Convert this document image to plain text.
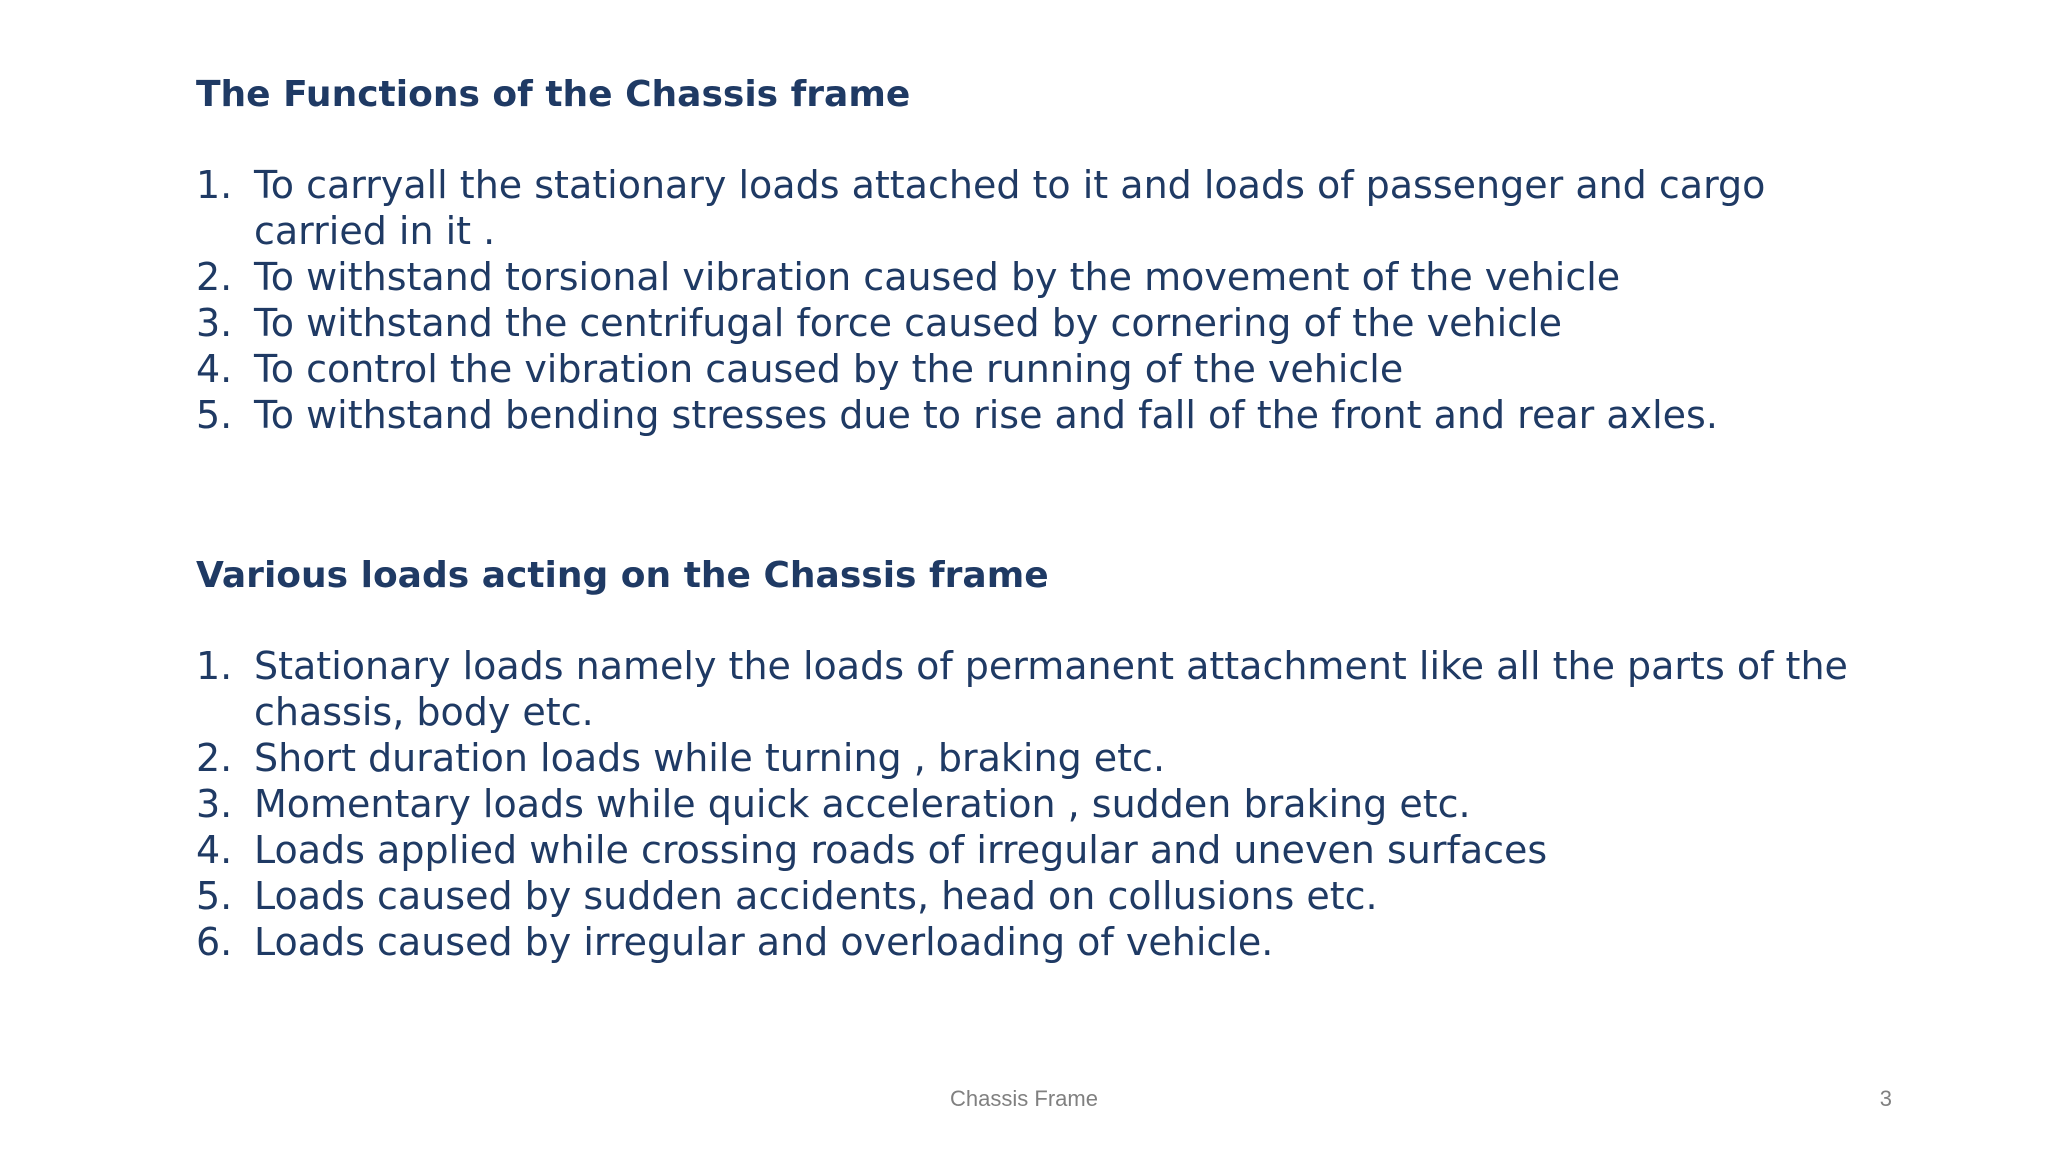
The Functions of the Chassis frame
1. To carryall the stationary loads attached to it and loads of passenger and cargo carried in it .
2. To withstand torsional vibration caused by the movement of the vehicle
3. To withstand the centrifugal force caused by cornering of the vehicle
4. To control the vibration caused by the running of the vehicle
5. To withstand bending stresses due to rise and fall of the front and rear axles.
Various loads acting on the Chassis frame
1. Stationary loads namely the loads of permanent attachment like all the parts of the chassis, body etc.
2. Short duration loads while turning , braking etc.
3. Momentary loads while quick acceleration , sudden braking etc.
4. Loads applied while crossing roads of irregular and uneven surfaces
5. Loads caused by sudden accidents, head on collusions etc.
6. Loads caused by irregular and overloading of vehicle.
Chassis Frame	3
